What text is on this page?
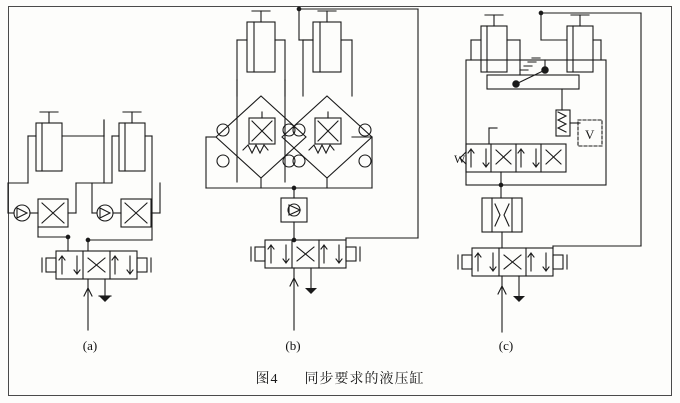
V
W
(a)	(b)	(c)
图4 同步要求的液压缸
